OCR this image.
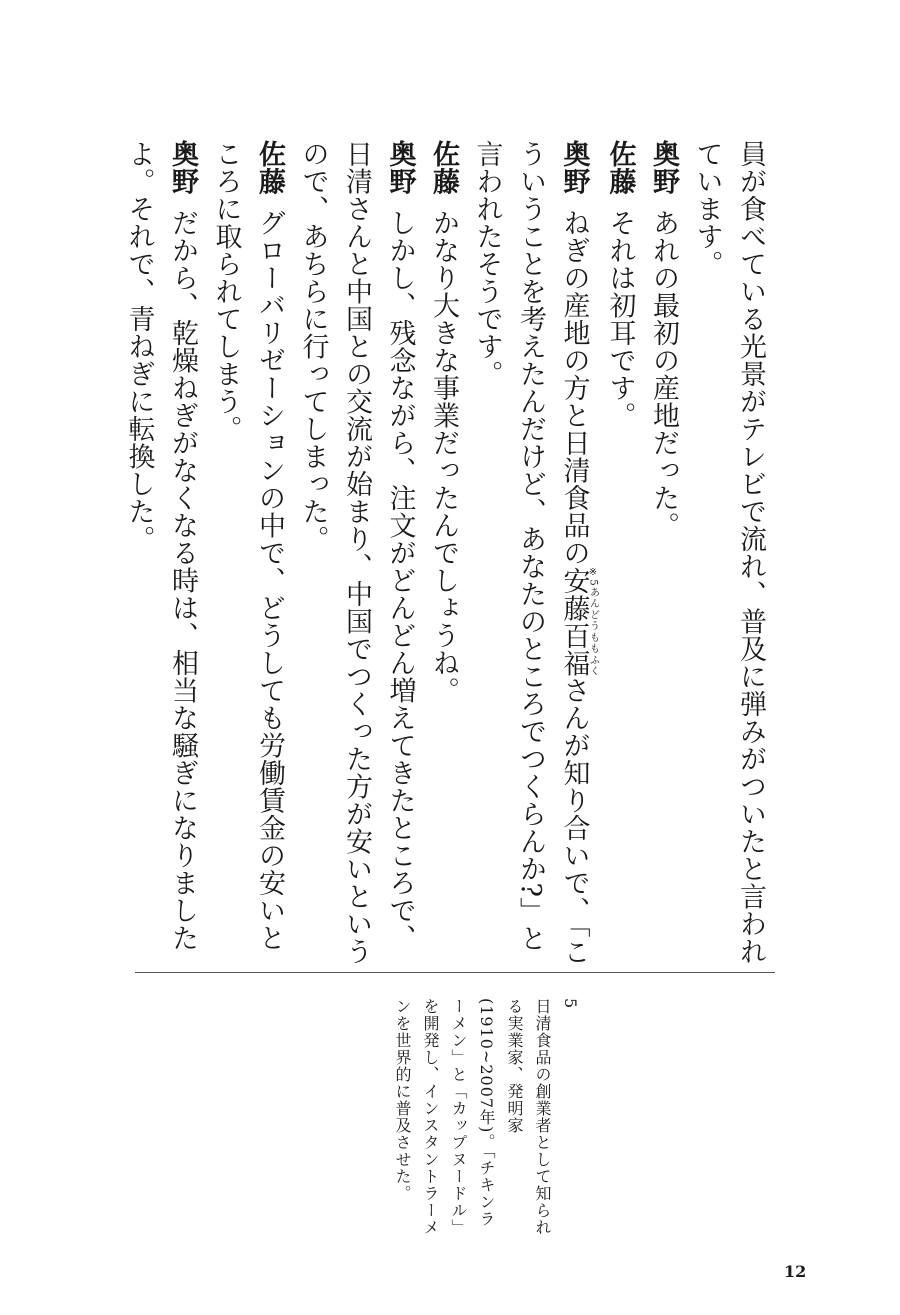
員が食べている光景がテレビで流れ、普及に弾みがついたと言われています。

奥野あれの最初の産地だった。

佐藤それは初耳です。

奥野ねぎの産地の方と日清食品の安藤百福※5あんどうももふくさんが知り合いで、「こういうことを考えたんだけど、あなたのところでつくらんか?」と言われたそうです。

佐藤かなり大きな事業だったんでしょうね。

奥野しかし、残念ながら、注文がどんどん増えてきたところで、日清さんと中国との交流が始まり、中国でつくった方が安いというので、あちらに行ってしまった。

佐藤グローバリゼーションの中で、どうしても労働賃金の安いところに取られてしまう。

奥野だから、乾燥ねぎがなくなる時は、相当な騒ぎになりましたよ。それで、青ねぎに転換した。

5
日清食品の創業者として知られる実業家、発明家(1910~2007年)。「チキンラーメン」と「カップヌードル」を開発し、インスタントラーメンを世界的に普及させた。
12
